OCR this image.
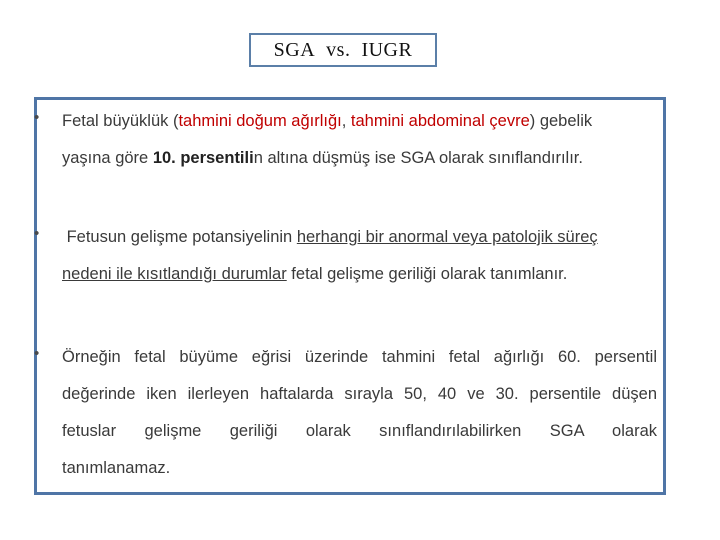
SGA vs. IUGR
• Fetal büyüklük (tahmini doğum ağırlığı, tahmini abdominal çevre) gebelik
yaşına göre 10. persentilin altına düşmüş ise SGA olarak sınıflandırılır.
• Fetusun gelişme potansiyelinin herhangi bir anormal veya patolojik süreç
nedeni ile kısıtlandığı durumlar fetal gelişme geriliği olarak tanımlanır.
• Örneğin fetal büyüme eğrisi üzerinde tahmini fetal ağırlığı 60. persentil
değerinde iken ilerleyen haftalarda sırayla 50, 40 ve 30. persentile düşen
fetuslar gelişme geriliği olarak sınıflandırılabilirken SGA olarak
tanımlanamaz.
